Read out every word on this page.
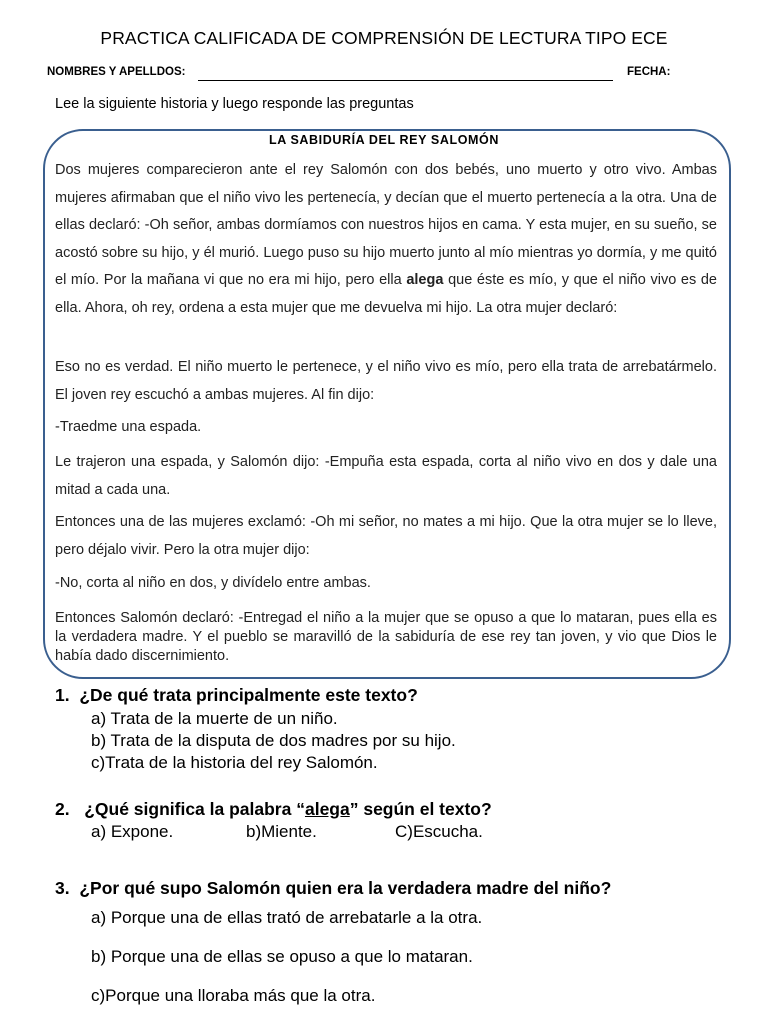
PRACTICA CALIFICADA DE COMPRENSIÓN DE LECTURA TIPO ECE
NOMBRES Y APELLDOS:	FECHA:
Lee la siguiente historia y luego responde las preguntas
LA SABIDURÍA DEL REY SALOMÓN
Dos mujeres comparecieron ante el rey Salomón con dos bebés, uno muerto y otro vivo. Ambas mujeres afirmaban que el niño vivo les pertenecía, y decían que el muerto pertenecía a la otra. Una de ellas declaró: -Oh señor, ambas dormíamos con nuestros hijos en cama. Y esta mujer, en su sueño, se acostó sobre su hijo, y él murió. Luego puso su hijo muerto junto al mío mientras yo dormía, y me quitó el mío. Por la mañana vi que no era mi hijo, pero ella alega que éste es mío, y que el niño vivo es de ella. Ahora, oh rey, ordena a esta mujer que me devuelva mi hijo. La otra mujer declaró:
Eso no es verdad. El niño muerto le pertenece, y el niño vivo es mío, pero ella trata de arrebatármelo. El joven rey escuchó a ambas mujeres. Al fin dijo:
-Traedme una espada.
Le trajeron una espada, y Salomón dijo: -Empuña esta espada, corta al niño vivo en dos y dale una mitad a cada una.
Entonces una de las mujeres exclamó: -Oh mi señor, no mates a mi hijo. Que la otra mujer se lo lleve, pero déjalo vivir. Pero la otra mujer dijo:
-No, corta al niño en dos, y divídelo entre ambas.
Entonces Salomón declaró: -Entregad el niño a la mujer que se opuso a que lo mataran, pues ella es la verdadera madre. Y el pueblo se maravilló de la sabiduría de ese rey tan joven, y vio que Dios le había dado discernimiento.
1. ¿De qué trata principalmente este texto?
a) Trata de la muerte de un niño.
b) Trata de la disputa de dos madres por su hijo.
c)Trata de la historia del rey Salomón.
2. ¿Qué significa la palabra “alega” según el texto?
a) Expone.	b)Miente.	C)Escucha.
3. ¿Por qué supo Salomón quien era la verdadera madre del niño?
a) Porque una de ellas trató de arrebatarle a la otra.
b) Porque una de ellas se opuso a que lo mataran.
c)Porque una lloraba más que la otra.
